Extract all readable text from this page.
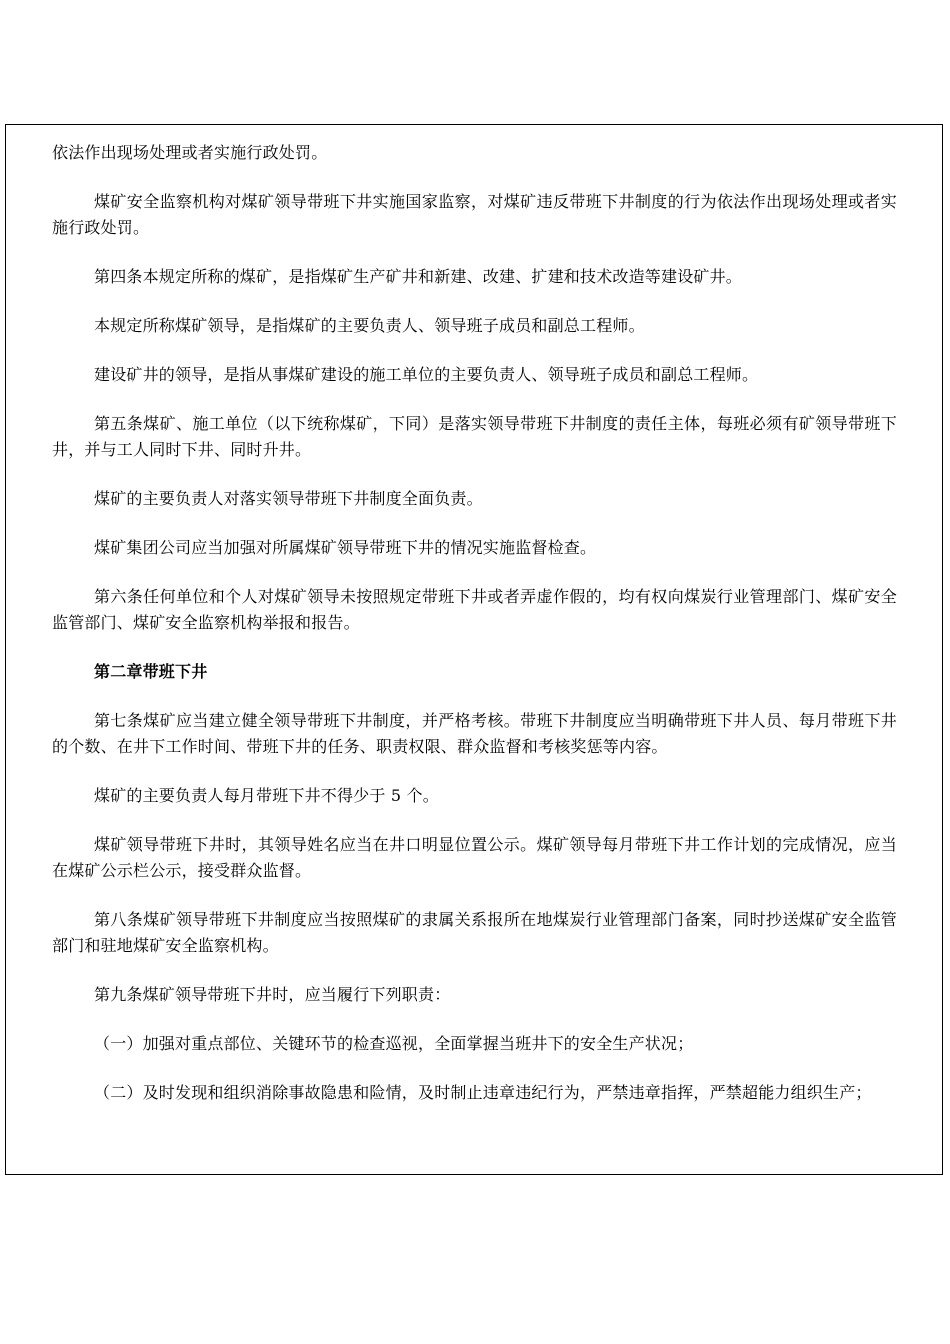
依法作出现场处理或者实施行政处罚。

煤矿安全监察机构对煤矿领导带班下井实施国家监察，对煤矿违反带班下井制度的行为依法作出现场处理或者实施行政处罚。

第四条本规定所称的煤矿，是指煤矿生产矿井和新建、改建、扩建和技术改造等建设矿井。

本规定所称煤矿领导，是指煤矿的主要负责人、领导班子成员和副总工程师。

建设矿井的领导，是指从事煤矿建设的施工单位的主要负责人、领导班子成员和副总工程师。

第五条煤矿、施工单位（以下统称煤矿，下同）是落实领导带班下井制度的责任主体，每班必须有矿领导带班下井，并与工人同时下井、同时升井。

煤矿的主要负责人对落实领导带班下井制度全面负责。

煤矿集团公司应当加强对所属煤矿领导带班下井的情况实施监督检查。

第六条任何单位和个人对煤矿领导未按照规定带班下井或者弄虚作假的，均有权向煤炭行业管理部门、煤矿安全监管部门、煤矿安全监察机构举报和报告。

第二章带班下井

第七条煤矿应当建立健全领导带班下井制度，并严格考核。带班下井制度应当明确带班下井人员、每月带班下井的个数、在井下工作时间、带班下井的任务、职责权限、群众监督和考核奖惩等内容。

煤矿的主要负责人每月带班下井不得少于 5 个。

煤矿领导带班下井时，其领导姓名应当在井口明显位置公示。煤矿领导每月带班下井工作计划的完成情况，应当在煤矿公示栏公示，接受群众监督。

第八条煤矿领导带班下井制度应当按照煤矿的隶属关系报所在地煤炭行业管理部门备案，同时抄送煤矿安全监管部门和驻地煤矿安全监察机构。

第九条煤矿领导带班下井时，应当履行下列职责：

（一）加强对重点部位、关键环节的检查巡视，全面掌握当班井下的安全生产状况；

（二）及时发现和组织消除事故隐患和险情，及时制止违章违纪行为，严禁违章指挥，严禁超能力组织生产；
